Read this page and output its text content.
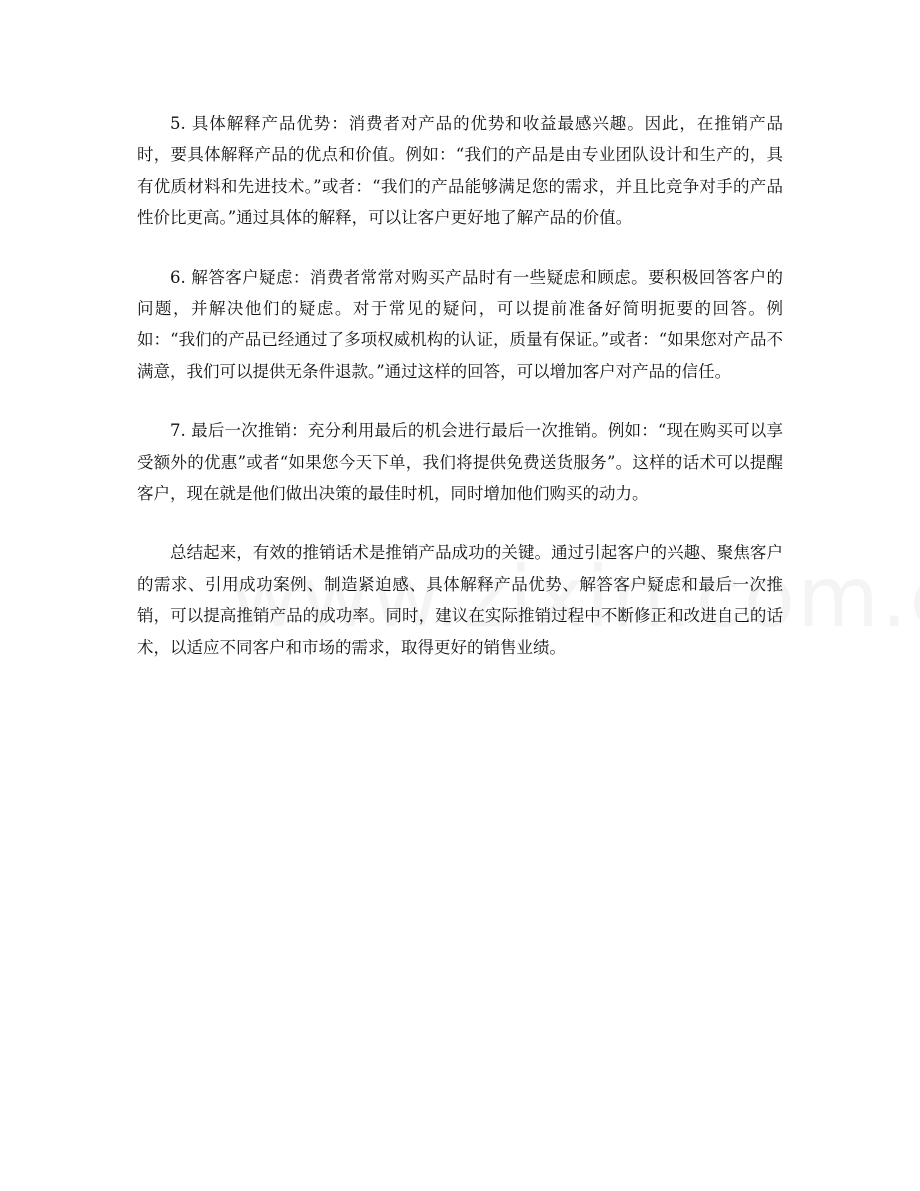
5. 具体解释产品优势：消费者对产品的优势和收益最感兴趣。因此，在推销产品时，要具体解释产品的优点和价值。例如：“我们的产品是由专业团队设计和生产的，具有优质材料和先进技术。”或者：“我们的产品能够满足您的需求，并且比竞争对手的产品性价比更高。”通过具体的解释，可以让客户更好地了解产品的价值。

6. 解答客户疑虑：消费者常常对购买产品时有一些疑虑和顾虑。要积极回答客户的问题，并解决他们的疑虑。对于常见的疑问，可以提前准备好简明扼要的回答。例如：“我们的产品已经通过了多项权威机构的认证，质量有保证。”或者：“如果您对产品不满意，我们可以提供无条件退款。”通过这样的回答，可以增加客户对产品的信任。

7. 最后一次推销：充分利用最后的机会进行最后一次推销。例如：“现在购买可以享受额外的优惠”或者“如果您今天下单，我们将提供免费送货服务”。这样的话术可以提醒客户，现在就是他们做出决策的最佳时机，同时增加他们购买的动力。

总结起来，有效的推销话术是推销产品成功的关键。通过引起客户的兴趣、聚焦客户的需求、引用成功案例、制造紧迫感、具体解释产品优势、解答客户疑虑和最后一次推销，可以提高推销产品的成功率。同时，建议在实际推销过程中不断修正和改进自己的话术，以适应不同客户和市场的需求，取得更好的销售业绩。
